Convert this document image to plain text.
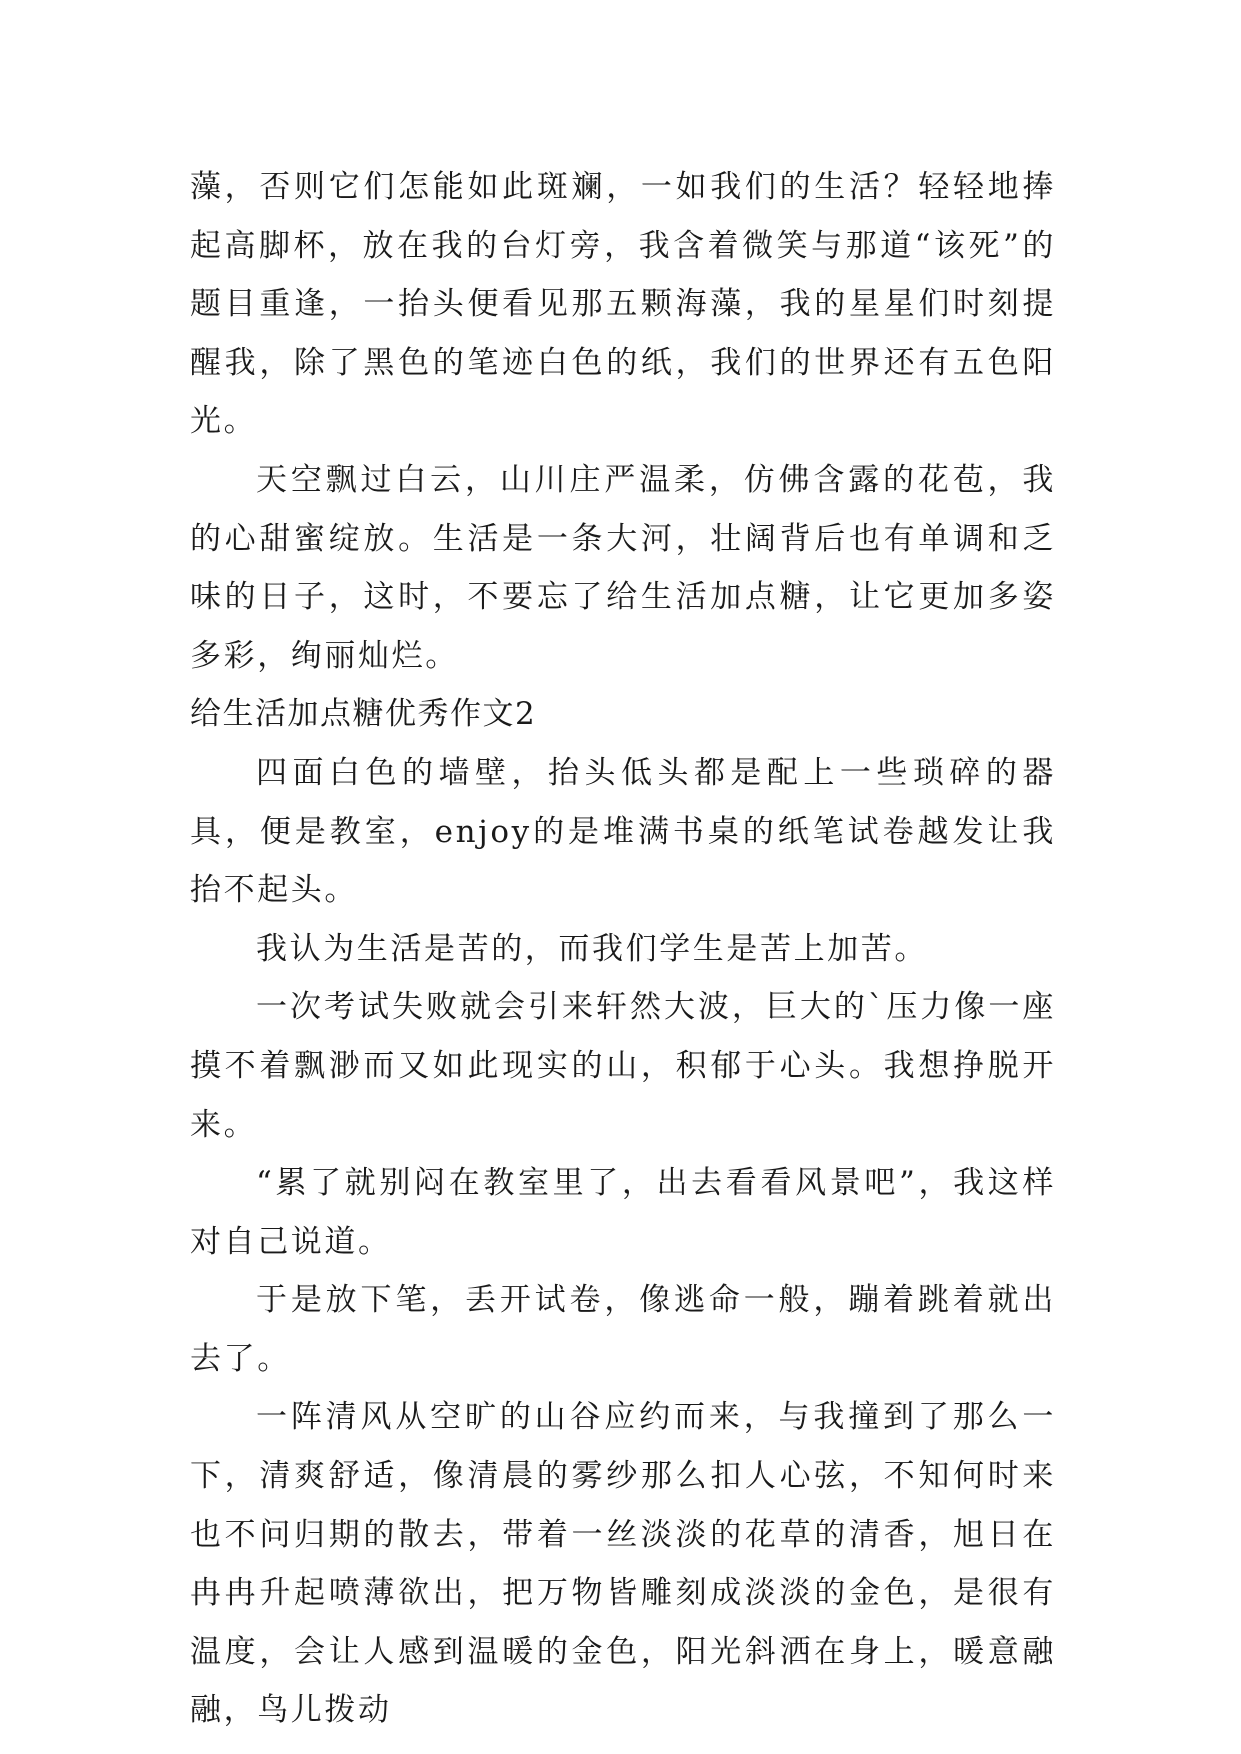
藻，否则它们怎能如此斑斓，一如我们的生活？轻轻地捧起高脚杯，放在我的台灯旁，我含着微笑与那道“该死”的题目重逢，一抬头便看见那五颗海藻，我的星星们时刻提醒我，除了黑色的笔迹白色的纸，我们的世界还有五色阳光。

天空飘过白云，山川庄严温柔，仿佛含露的花苞，我的心甜蜜绽放。生活是一条大河，壮阔背后也有单调和乏味的日子，这时，不要忘了给生活加点糖，让它更加多姿多彩，绚丽灿烂。

给生活加点糖优秀作文2

四面白色的墙壁，抬头低头都是配上一些琐碎的器具，便是教室，enjoy的是堆满书桌的纸笔试卷越发让我抬不起头。

我认为生活是苦的，而我们学生是苦上加苦。

一次考试失败就会引来轩然大波，巨大的`压力像一座摸不着飘渺而又如此现实的山，积郁于心头。我想挣脱开来。

“累了就别闷在教室里了，出去看看风景吧”，我这样对自己说道。

于是放下笔，丢开试卷，像逃命一般，蹦着跳着就出去了。

一阵清风从空旷的山谷应约而来，与我撞到了那么一下，清爽舒适，像清晨的雾纱那么扣人心弦，不知何时来也不问归期的散去，带着一丝淡淡的花草的清香，旭日在冉冉升起喷薄欲出，把万物皆雕刻成淡淡的金色，是很有温度，会让人感到温暖的金色，阳光斜洒在身上，暖意融融，鸟儿拨动
